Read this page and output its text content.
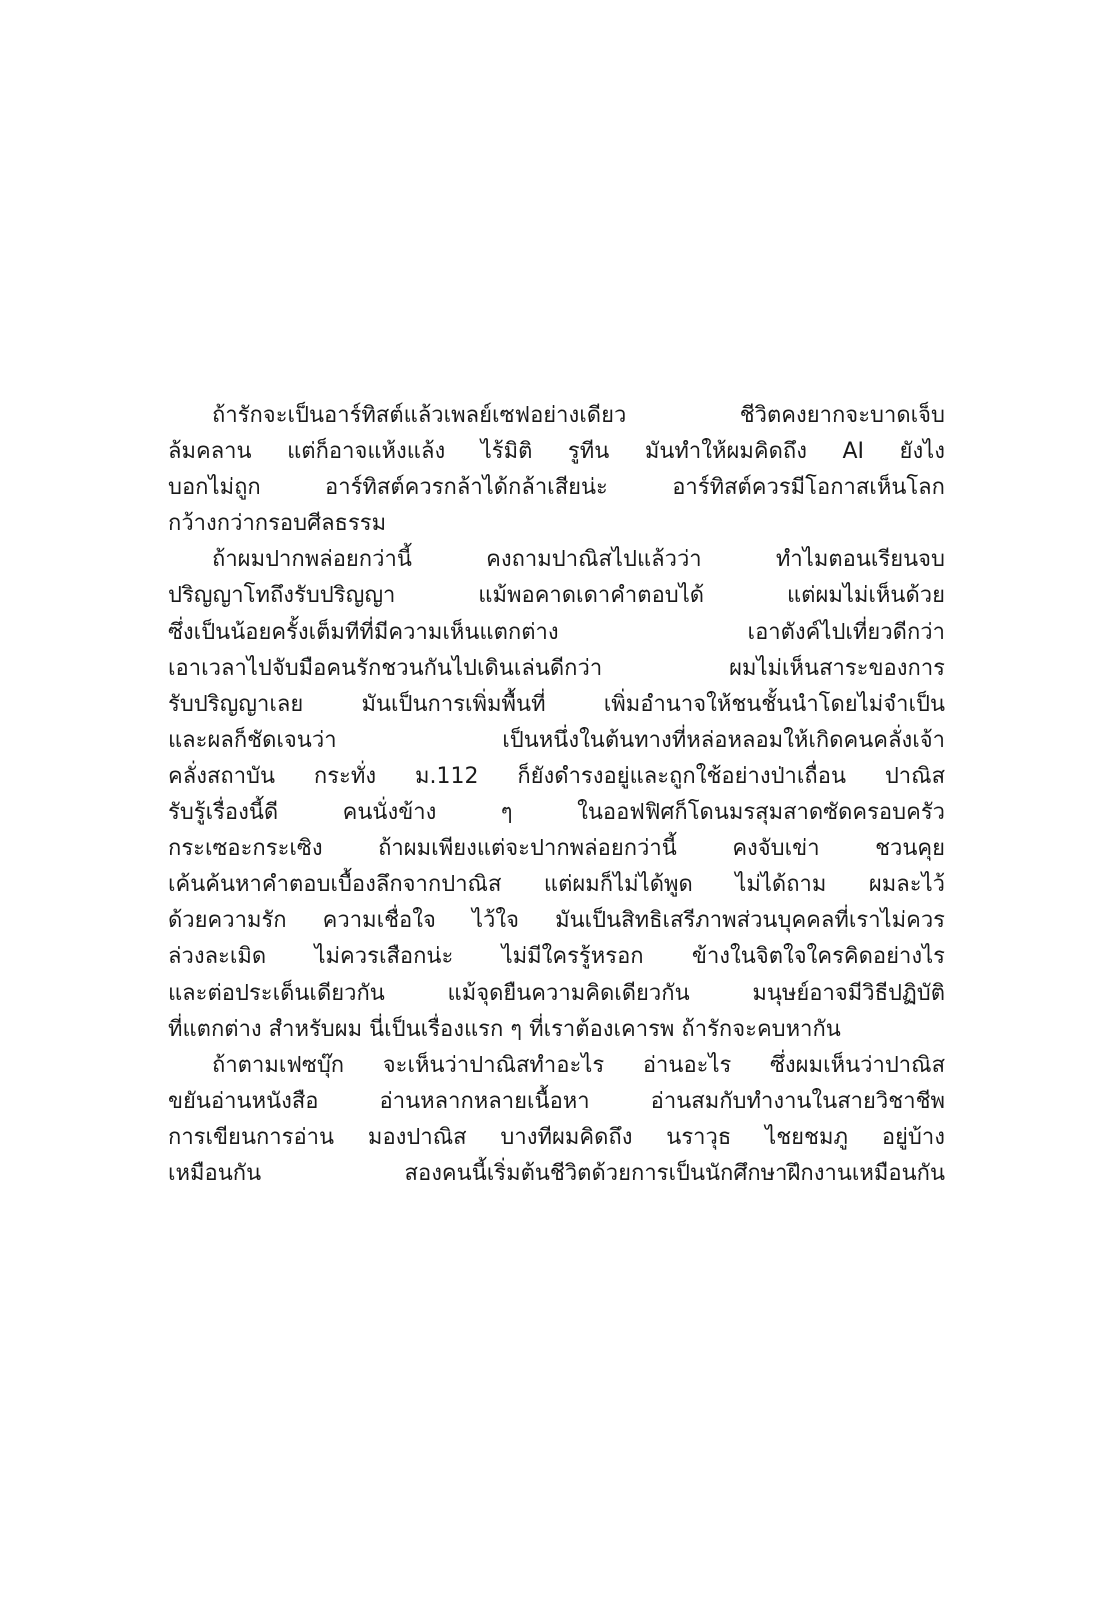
ถ้ารักจะเป็นอาร์ทิสต์แล้วเพลย์เซฟอย่างเดียว ชีวิตคงยากจะบาดเจ็บ
ล้มคลาน แต่ก็อาจแห้งแล้ง ไร้มิติ รูทีน มันทำให้ผมคิดถึง AI ยังไง
บอกไม่ถูก อาร์ทิสต์ควรกล้าได้กล้าเสียน่ะ อาร์ทิสต์ควรมีโอกาสเห็นโลก
กว้างกว่ากรอบศีลธรรม
ถ้าผมปากพล่อยกว่านี้ คงถามปาณิสไปแล้วว่า ทำไมตอนเรียนจบ
ปริญญาโทถึงรับปริญญา แม้พอคาดเดาคำตอบได้ แต่ผมไม่เห็นด้วย
ซึ่งเป็นน้อยครั้งเต็มทีที่มีความเห็นแตกต่าง เอาตังค์ไปเที่ยวดีกว่า
เอาเวลาไปจับมือคนรักชวนกันไปเดินเล่นดีกว่า ผมไม่เห็นสาระของการ
รับปริญญาเลย มันเป็นการเพิ่มพื้นที่ เพิ่มอำนาจให้ชนชั้นนำโดยไม่จำเป็น
และผลก็ชัดเจนว่า เป็นหนึ่งในต้นทางที่หล่อหลอมให้เกิดคนคลั่งเจ้า
คลั่งสถาบัน กระทั่ง ม.112 ก็ยังดำรงอยู่และถูกใช้อย่างป่าเถื่อน ปาณิส
รับรู้เรื่องนี้ดี คนนั่งข้าง ๆ ในออฟฟิศก็โดนมรสุมสาดซัดครอบครัว
กระเซอะกระเซิง ถ้าผมเพียงแต่จะปากพล่อยกว่านี้ คงจับเข่า ชวนคุย
เค้นค้นหาคำตอบเบื้องลึกจากปาณิส แต่ผมก็ไม่ได้พูด ไม่ได้ถาม ผมละไว้
ด้วยความรัก ความเชื่อใจ ไว้ใจ มันเป็นสิทธิเสรีภาพส่วนบุคคลที่เราไม่ควร
ล่วงละเมิด ไม่ควรเสือกน่ะ ไม่มีใครรู้หรอก ข้างในจิตใจใครคิดอย่างไร
และต่อประเด็นเดียวกัน แม้จุดยืนความคิดเดียวกัน มนุษย์อาจมีวิธีปฏิบัติ
ที่แตกต่าง สำหรับผม นี่เป็นเรื่องแรก ๆ ที่เราต้องเคารพ ถ้ารักจะคบหากัน
ถ้าตามเฟซบุ๊ก จะเห็นว่าปาณิสทำอะไร อ่านอะไร ซึ่งผมเห็นว่าปาณิส
ขยันอ่านหนังสือ อ่านหลากหลายเนื้อหา อ่านสมกับทำงานในสายวิชาชีพ
การเขียนการอ่าน มองปาณิส บางทีผมคิดถึง นราวุธ ไชยชมภู อยู่บ้าง
เหมือนกัน สองคนนี้เริ่มต้นชีวิตด้วยการเป็นนักศึกษาฝึกงานเหมือนกัน
